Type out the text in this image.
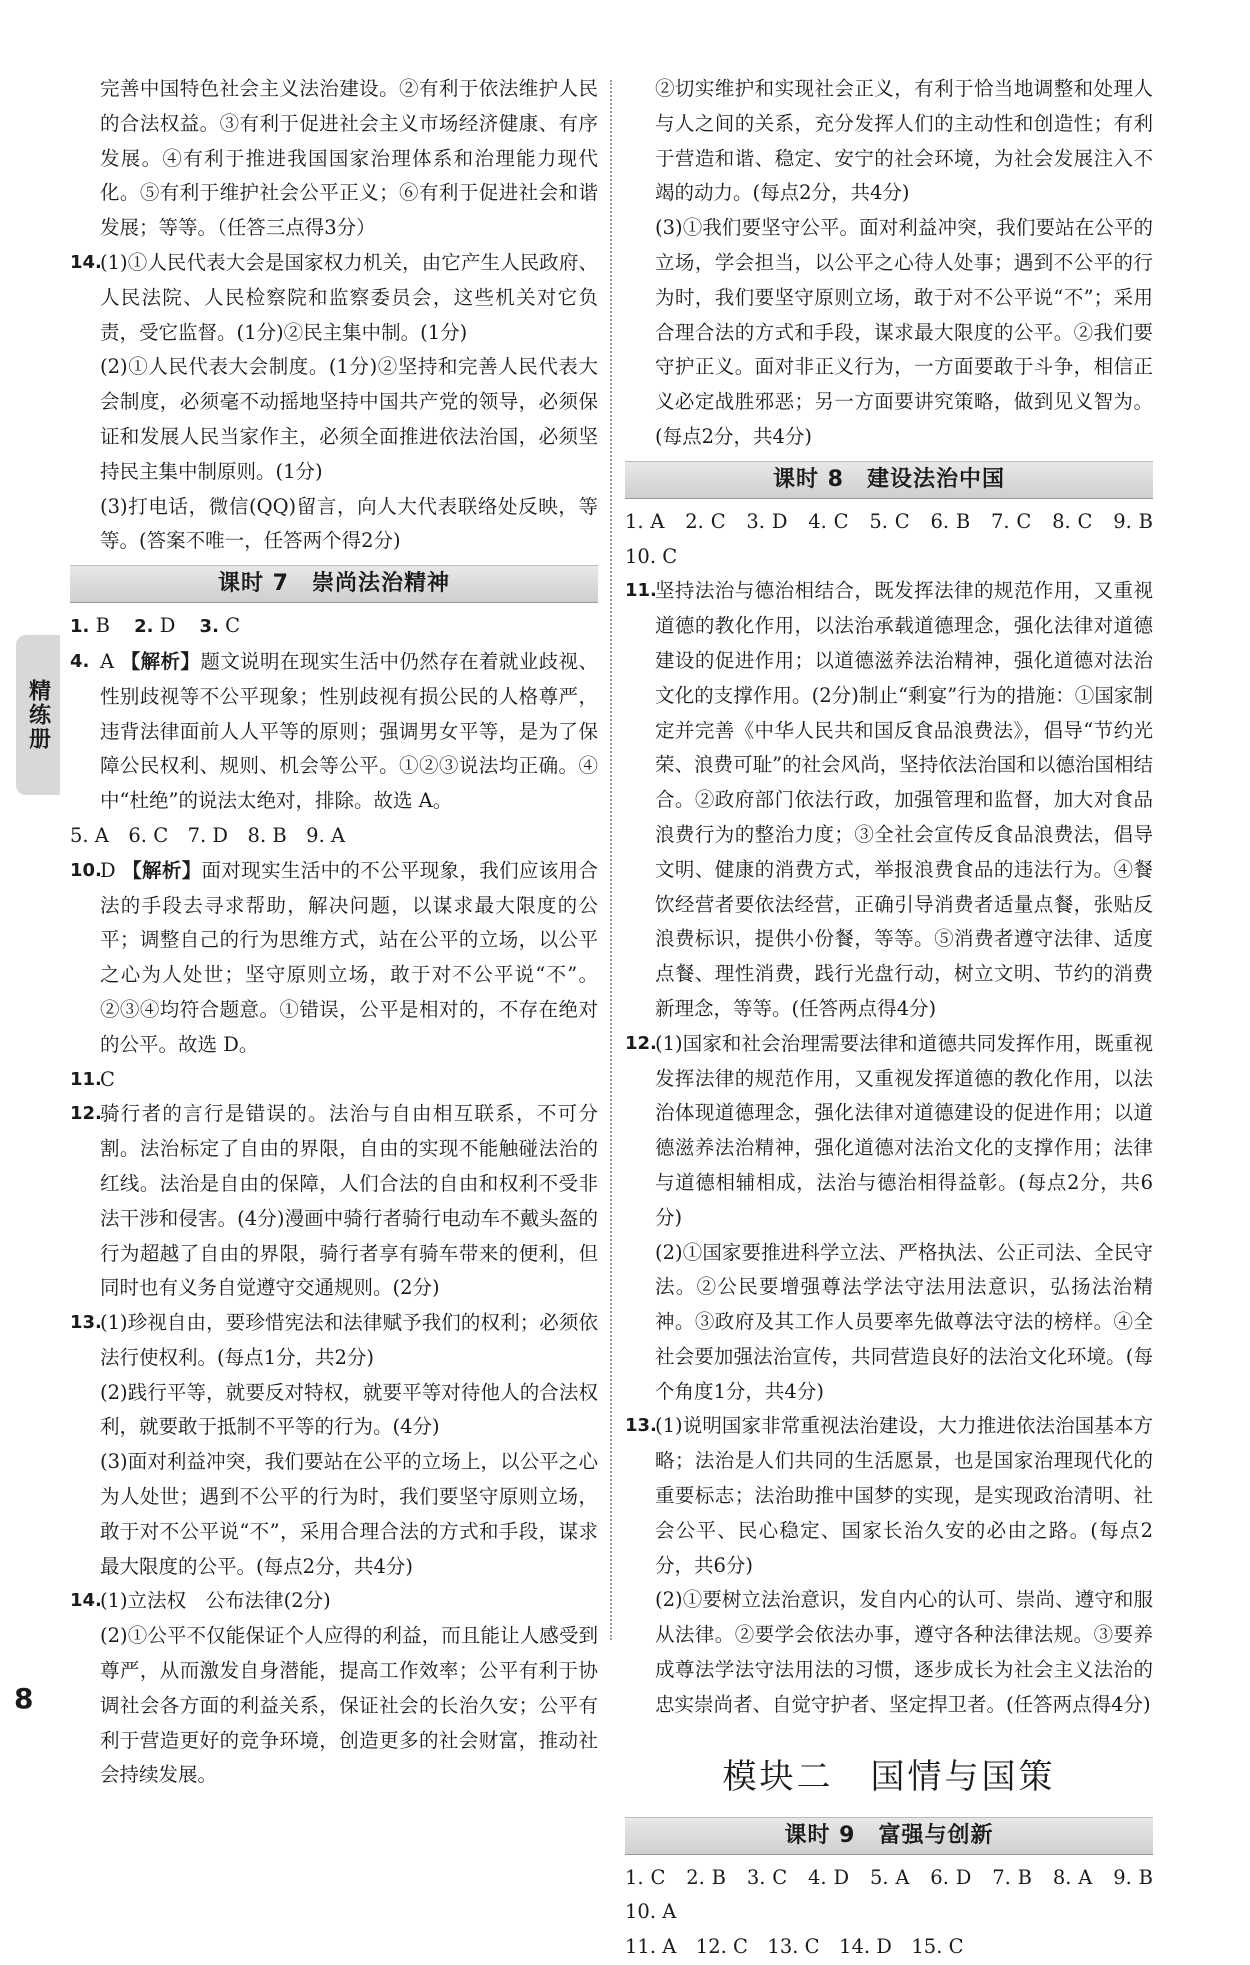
精练册
完善中国特色社会主义法治建设。②有利于依法维护人民的合法权益。③有利于促进社会主义市场经济健康、有序发展。④有利于推进我国国家治理体系和治理能力现代化。⑤有利于维护社会公平正义；⑥有利于促进社会和谐发展；等等。（任答三点得3分）
14.
(1)①人民代表大会是国家权力机关，由它产生人民政府、人民法院、人民检察院和监察委员会，这些机关对它负责，受它监督。(1分)②民主集中制。(1分)
(2)①人民代表大会制度。(1分)②坚持和完善人民代表大会制度，必须毫不动摇地坚持中国共产党的领导，必须保证和发展人民当家作主，必须全面推进依法治国，必须坚持民主集中制原则。(1分)
(3)打电话，微信(QQ)留言，向人大代表联络处反映，等等。(答案不唯一，任答两个得2分)
课时 7　崇尚法治精神
1. B 2. D 3. C
4. A 【解析】题文说明在现实生活中仍然存在着就业歧视、性别歧视等不公平现象；性别歧视有损公民的人格尊严，违背法律面前人人平等的原则；强调男女平等，是为了保障公民权利、规则、机会等公平。①②③说法均正确。④中“杜绝”的说法太绝对，排除。故选 A。
5. A　6. C　7. D　8. B　9. A
10.
D 【解析】面对现实生活中的不公平现象，我们应该用合法的手段去寻求帮助，解决问题，以谋求最大限度的公平；调整自己的行为思维方式，站在公平的立场，以公平之心为人处世；坚守原则立场，敢于对不公平说“不”。②③④均符合题意。①错误，公平是相对的，不存在绝对的公平。故选 D。
11.
C
12.
骑行者的言行是错误的。法治与自由相互联系，不可分割。法治标定了自由的界限，自由的实现不能触碰法治的红线。法治是自由的保障，人们合法的自由和权利不受非法干涉和侵害。(4分)漫画中骑行者骑行电动车不戴头盔的行为超越了自由的界限，骑行者享有骑车带来的便利，但同时也有义务自觉遵守交通规则。(2分)
13.
(1)珍视自由，要珍惜宪法和法律赋予我们的权利；必须依法行使权利。(每点1分，共2分)
(2)践行平等，就要反对特权，就要平等对待他人的合法权利，就要敢于抵制不平等的行为。(4分)
(3)面对利益冲突，我们要站在公平的立场上，以公平之心为人处世；遇到不公平的行为时，我们要坚守原则立场，敢于对不公平说“不”，采用合理合法的方式和手段，谋求最大限度的公平。(每点2分，共4分)
14.
(1)立法权　公布法律(2分)
(2)①公平不仅能保证个人应得的利益，而且能让人感受到尊严，从而激发自身潜能，提高工作效率；公平有利于协调社会各方面的利益关系，保证社会的长治久安；公平有利于营造更好的竞争环境，创造更多的社会财富，推动社会持续发展。
②切实维护和实现社会正义，有利于恰当地调整和处理人与人之间的关系，充分发挥人们的主动性和创造性；有利于营造和谐、稳定、安宁的社会环境，为社会发展注入不竭的动力。(每点2分，共4分)
(3)①我们要坚守公平。面对利益冲突，我们要站在公平的立场，学会担当，以公平之心待人处事；遇到不公平的行为时，我们要坚守原则立场，敢于对不公平说“不”；采用合理合法的方式和手段，谋求最大限度的公平。②我们要守护正义。面对非正义行为，一方面要敢于斗争，相信正义必定战胜邪恶；另一方面要讲究策略，做到见义智为。(每点2分，共4分)
课时 8　建设法治中国
1. A　2. C　3. D　4. C　5. C　6. B　7. C　8. C　9. B　10. C
11.
坚持法治与德治相结合，既发挥法律的规范作用，又重视道德的教化作用，以法治承载道德理念，强化法律对道德建设的促进作用；以道德滋养法治精神，强化道德对法治文化的支撑作用。(2分)制止“剩宴”行为的措施：①国家制定并完善《中华人民共和国反食品浪费法》，倡导“节约光荣、浪费可耻”的社会风尚，坚持依法治国和以德治国相结合。②政府部门依法行政，加强管理和监督，加大对食品浪费行为的整治力度；③全社会宣传反食品浪费法，倡导文明、健康的消费方式，举报浪费食品的违法行为。④餐饮经营者要依法经营，正确引导消费者适量点餐，张贴反浪费标识，提供小份餐，等等。⑤消费者遵守法律、适度点餐、理性消费，践行光盘行动，树立文明、节约的消费新理念，等等。(任答两点得4分)
12.
(1)国家和社会治理需要法律和道德共同发挥作用，既重视发挥法律的规范作用，又重视发挥道德的教化作用，以法治体现道德理念，强化法律对道德建设的促进作用；以道德滋养法治精神，强化道德对法治文化的支撑作用；法律与道德相辅相成，法治与德治相得益彰。(每点2分，共6分)
(2)①国家要推进科学立法、严格执法、公正司法、全民守法。②公民要增强尊法学法守法用法意识，弘扬法治精神。③政府及其工作人员要率先做尊法守法的榜样。④全社会要加强法治宣传，共同营造良好的法治文化环境。(每个角度1分，共4分)
13.
(1)说明国家非常重视法治建设，大力推进依法治国基本方略；法治是人们共同的生活愿景，也是国家治理现代化的重要标志；法治助推中国梦的实现，是实现政治清明、社会公平、民心稳定、国家长治久安的必由之路。(每点2分，共6分)
(2)①要树立法治意识，发自内心的认可、崇尚、遵守和服从法律。②要学会依法办事，遵守各种法律法规。③要养成尊法学法守法用法的习惯，逐步成长为社会主义法治的忠实崇尚者、自觉守护者、坚定捍卫者。(任答两点得4分)
模块二　国情与国策
课时 9　富强与创新
1. C　2. B　3. C　4. D　5. A　6. D　7. B　8. A　9. B　10. A
11. A　12. C　13. C　14. D　15. C
8
